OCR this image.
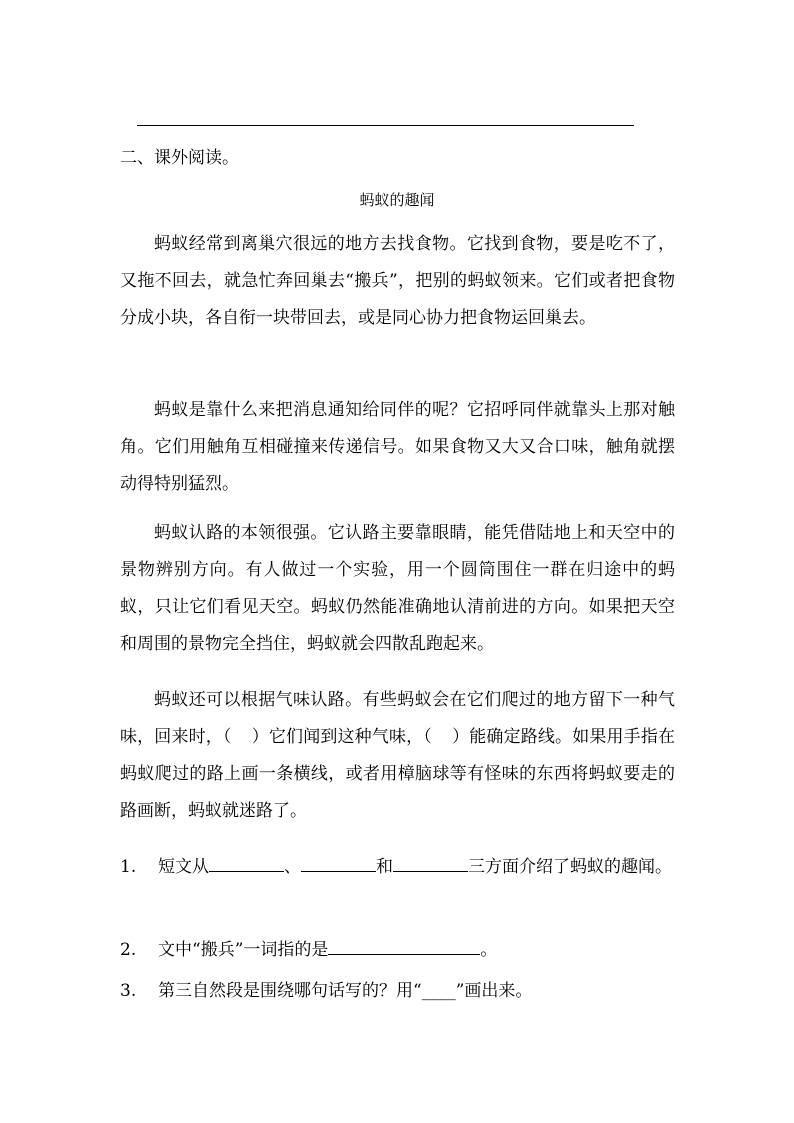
二、课外阅读。
蚂蚁的趣闻

蚂蚁经常到离巢穴很远的地方去找食物。它找到食物，要是吃不了，又拖不回去，就急忙奔回巢去“搬兵”，把别的蚂蚁领来。它们或者把食物分成小块，各自衔一块带回去，或是同心协力把食物运回巢去。

蚂蚁是靠什么来把消息通知给同伴的呢？它招呼同伴就靠头上那对触角。它们用触角互相碰撞来传递信号。如果食物又大又合口味，触角就摆动得特别猛烈。

蚂蚁认路的本领很强。它认路主要靠眼睛，能凭借陆地上和天空中的景物辨别方向。有人做过一个实验，用一个圆筒围住一群在归途中的蚂蚁，只让它们看见天空。蚂蚁仍然能准确地认清前进的方向。如果把天空和周围的景物完全挡住，蚂蚁就会四散乱跑起来。

蚂蚁还可以根据气味认路。有些蚂蚁会在它们爬过的地方留下一种气味，回来时，（ ）它们闻到这种气味，（ ）能确定路线。如果用手指在蚂蚁爬过的路上画一条横线，或者用樟脑球等有怪味的东西将蚂蚁要走的路画断，蚂蚁就迷路了。

1. 短文从	、	和	三方面介绍了蚂蚁的趣闻。

2. 文中“搬兵”一词指的是	。

3. 第三自然段是围绕哪句话写的？用“____”画出来。
